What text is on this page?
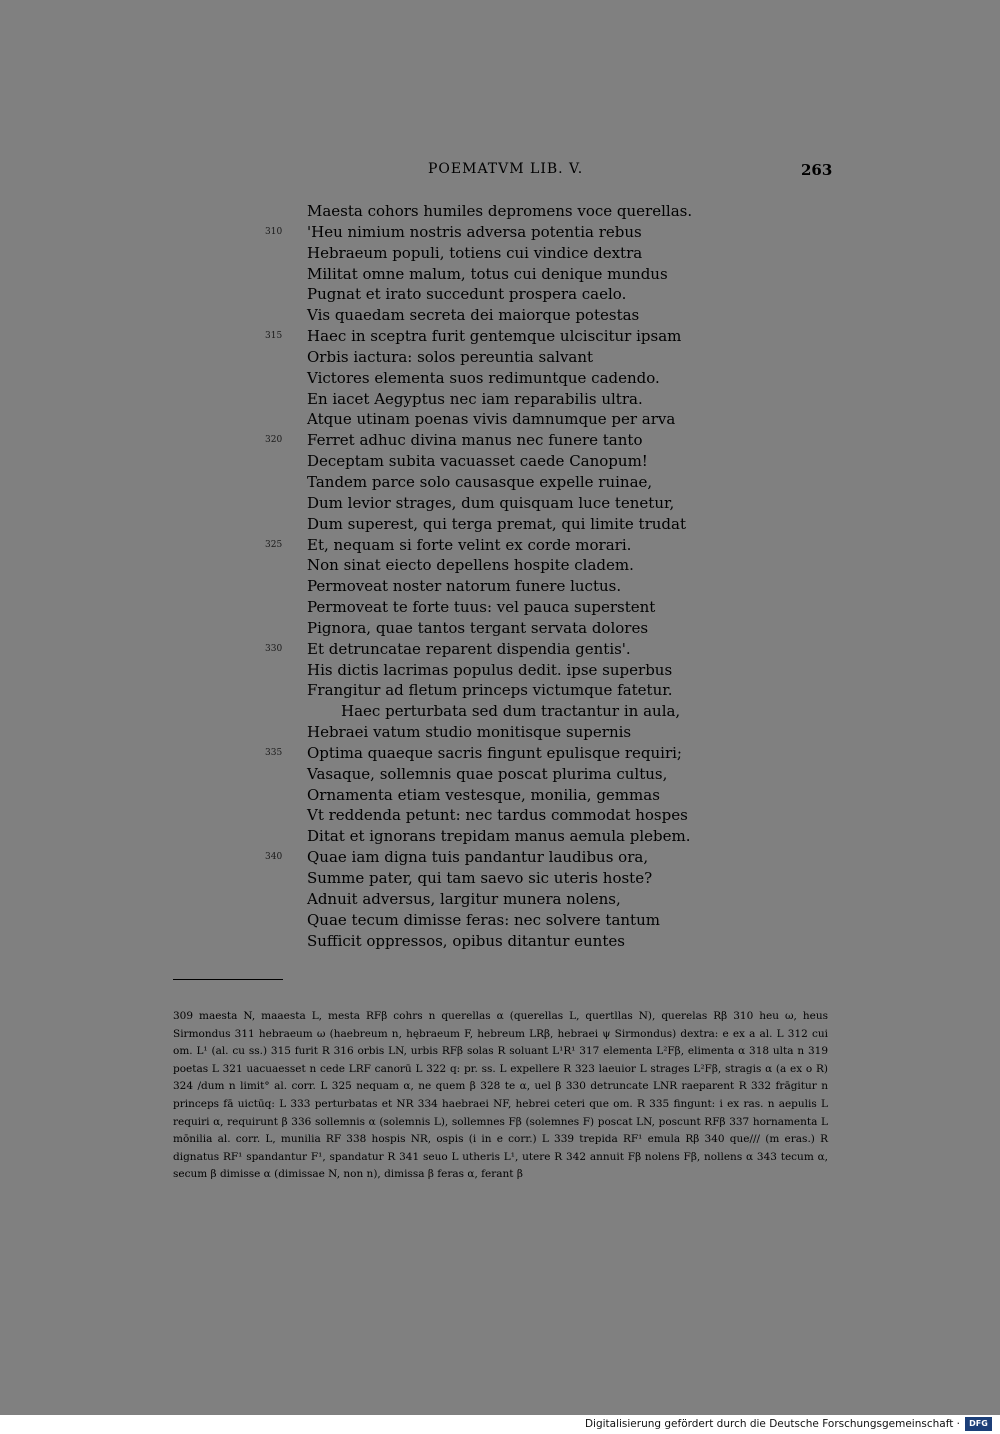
POEMATVM LIB. V.	263
Maesta cohors humiles depromens voce querellas.
310	'Heu nimium nostris adversa potentia rebus
Hebraeum populi, totiens cui vindice dextra
Militat omne malum, totus cui denique mundus
Pugnat et irato succedunt prospera caelo.
Vis quaedam secreta dei maiorque potestas
315	Haec in sceptra furit gentemque ulciscitur ipsam
Orbis iactura: solos pereuntia salvant
Victores elementa suos redimuntque cadendo.
En iacet Aegyptus nec iam reparabilis ultra.
Atque utinam poenas vivis damnumque per arva
320	Ferret adhuc divina manus nec funere tanto
Deceptam subita vacuasset caede Canopum!
Tandem parce solo causasque expelle ruinae,
Dum levior strages, dum quisquam luce tenetur,
Dum superest, qui terga premat, qui limite trudat
325	Et, nequam si forte velint ex corde morari.
Non sinat eiecto depellens hospite cladem.
Permoveat noster natorum funere luctus.
Permoveat te forte tuus: vel pauca superstent
Pignora, quae tantos tergant servata dolores
330	Et detruncatae reparent dispendia gentis'.
His dictis lacrimas populus dedit. ipse superbus
Frangitur ad fletum princeps victumque fatetur.
Haec perturbata sed dum tractantur in aula,
Hebraei vatum studio monitisque supernis
335	Optima quaeque sacris fingunt epulisque requiri;
Vasaque, sollemnis quae poscat plurima cultus,
Ornamenta etiam vestesque, monilia, gemmas
Vt reddenda petunt: nec tardus commodat hospes
Ditat et ignorans trepidam manus aemula plebem.
340	Quae iam digna tuis pandantur laudibus ora,
Summe pater, qui tam saevo sic uteris hoste?
Adnuit adversus, largitur munera nolens,
Quae tecum dimisse feras: nec solvere tantum
Sufficit oppressos, opibus ditantur euntes
309 maesta N, maaesta L, mesta RFβ cohrs n querellas α (querellas L, quertllas N), querelas Rβ 310 heu ω, heus Sirmondus 311 hebraeum ω (haebreum n, hębraeum F, hebreum LRβ, hebraei ψ Sirmondus) dextra: e ex a al. L 312 cui om. L¹ (al. cu ss.) 315 furit R 316 orbis LN, urbis RFβ solas R soluant L¹R¹ 317 elementa L²Fβ, elimenta α 318 ulta n 319 poetas L 321 uacuaesset n cede LRF canorū L 322 q: pr. ss. L expellere R 323 laeuior L strages L²Fβ, stragis α (a ex o R) 324 /dum n limit° al. corr. L 325 nequam α, ne quem β 328 te α, uel β 330 detruncate LNR raeparent R 332 frāgitur n princeps fā uictūq: L 333 perturbatas et NR 334 haebraei NF, hebrei ceteri que om. R 335 fingunt: i ex ras. n aepulis L requiri α, requirunt β 336 sollemnis α (solemnis L), sollemnes Fβ (solemnes F) poscat LN, poscunt RFβ 337 hornamenta L mōnilia al. corr. L, munilia RF 338 hospis NR, ospis (i in e corr.) L 339 trepida RF¹ emula Rβ 340 que/// (m eras.) R dignatus RF¹ spandantur F¹, spandatur R 341 seuo L utheris L¹, utere R 342 annuit Fβ nolens Fβ, nollens α 343 tecum α, secum β dimisse α (dimissae N, non n), dimissa β feras α, ferant β
Digitalisierung gefördert durch die Deutsche Forschungsgemeinschaft ·	DFG
